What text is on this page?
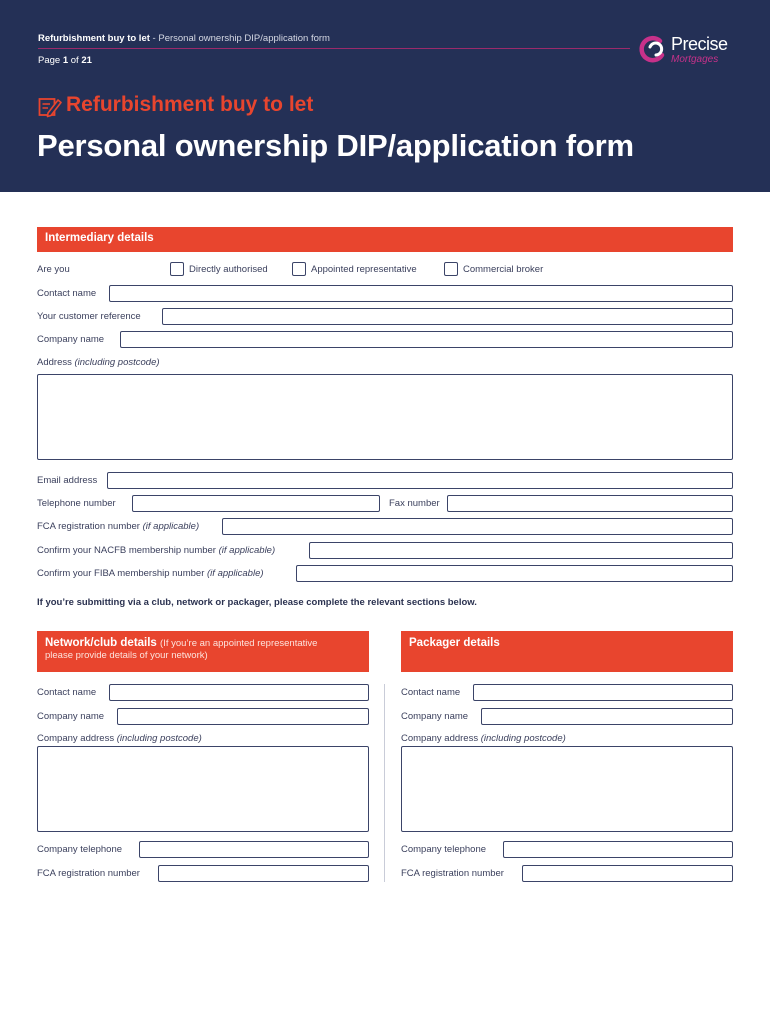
Refurbishment buy to let - Personal ownership DIP/application form
Page 1 of 21
Precise
Mortgages
Refurbishment buy to let
Personal ownership DIP/application form
Intermediary details
Are you	Directly authorised	Appointed representative	Commercial broker
Contact name
Your customer reference
Company name
Address (including postcode)
Email address
Telephone number	Fax number
FCA registration number (if applicable)
Confirm your NACFB membership number (if applicable)
Confirm your FIBA membership number (if applicable)
If you’re submitting via a club, network or packager, please complete the relevant sections below.
Network/club details (If you’re an appointed representative
please provide details of your network)
Packager details
Contact name
Company name
Company address (including postcode)
Company telephone
FCA registration number
Contact name
Company name
Company address (including postcode)
Company telephone
FCA registration number
